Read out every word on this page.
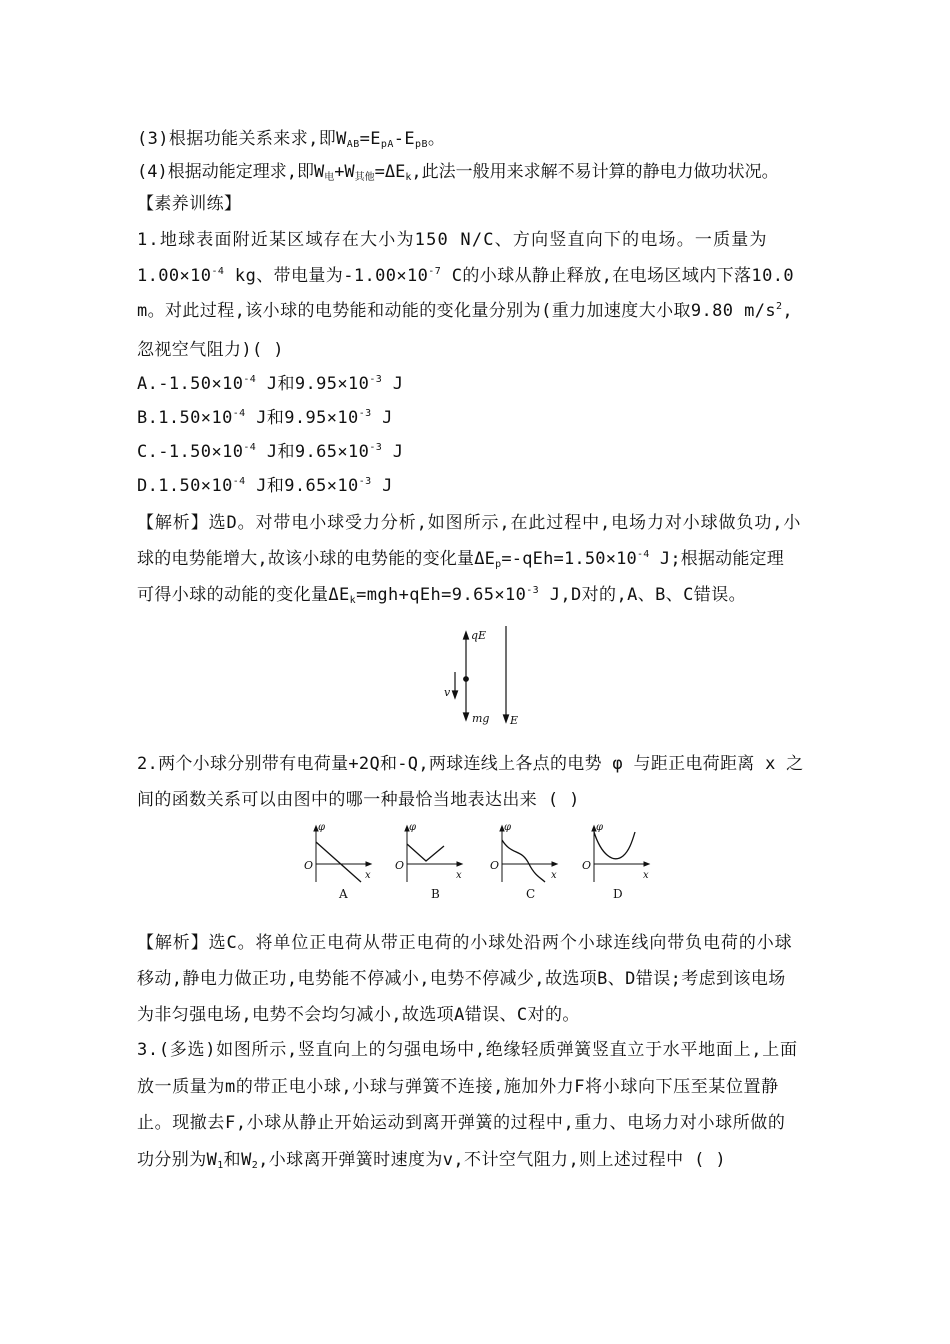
(3)根据功能关系来求,即$W_{AB}=E_{pA}-E_{pB}$。
(4)根据动能定理求,即$W_电+W_{其他}=\Delta E_k$,此法一般用来求解不易计算的静电力做功状况。
【素养训练】
1.地球表面附近某区域存在大小为150 N/C、方向竖直向下的电场。一质量为
$1.00\times 10^{-4}$ kg、带电量为$-1.00\times 10^{-7}$ C的小球从静止释放,在电场区域内下落10.0
m。对此过程,该小球的电势能和动能的变化量分别为(重力加速度大小取9.80 $m/s^2$,
忽视空气阻力)( )
$A.-1.50\times 10^{-4}$ J和$9.95\times 10^{-3}$ J
$B.1.50\times 10^{-4}$ J和$9.95\times 10^{-3}$ J
$C.-1.50\times 10^{-4}$ J和$9.65\times 10^{-3}$ J
$D.1.50\times 10^{-4}$ J和$9.65\times 10^{-3}$ J
【解析】选D。对带电小球受力分析,如图所示,在此过程中,电场力对小球做负功,小
球的电势能增大,故该小球的电势能的变化量$\Delta E_p=-qEh=1.50\times 10^{-4}$ J;根据动能定理
可得小球的动能的变化量$\Delta E_k=mgh+qEh=9.65\times 10^{-3}$ J,D对的,A、B、C错误。
qE
v
mg E
2.两个小球分别带有电荷量+2Q和-Q,两球连线上各点的电势 φ 与距正电荷距离 x 之
间的函数关系可以由图中的哪一种最恰当地表达出来 ( )
φ
O
x
A
φ
O
x
B
φ
O
x
C
φ
O
x
D
【解析】选C。将单位正电荷从带正电荷的小球处沿两个小球连线向带负电荷的小球
移动,静电力做正功,电势能不停减小,电势不停减少,故选项B、D错误;考虑到该电场
为非匀强电场,电势不会均匀减小,故选项A错误、C对的。
3.(多选)如图所示,竖直向上的匀强电场中,绝缘轻质弹簧竖直立于水平地面上,上面
放一质量为m的带正电小球,小球与弹簧不连接,施加外力F将小球向下压至某位置静
止。现撤去F,小球从静止开始运动到离开弹簧的过程中,重力、电场力对小球所做的
功分别为$W_1$和$W_2$,小球离开弹簧时速度为v,不计空气阻力,则上述过程中 ( )
